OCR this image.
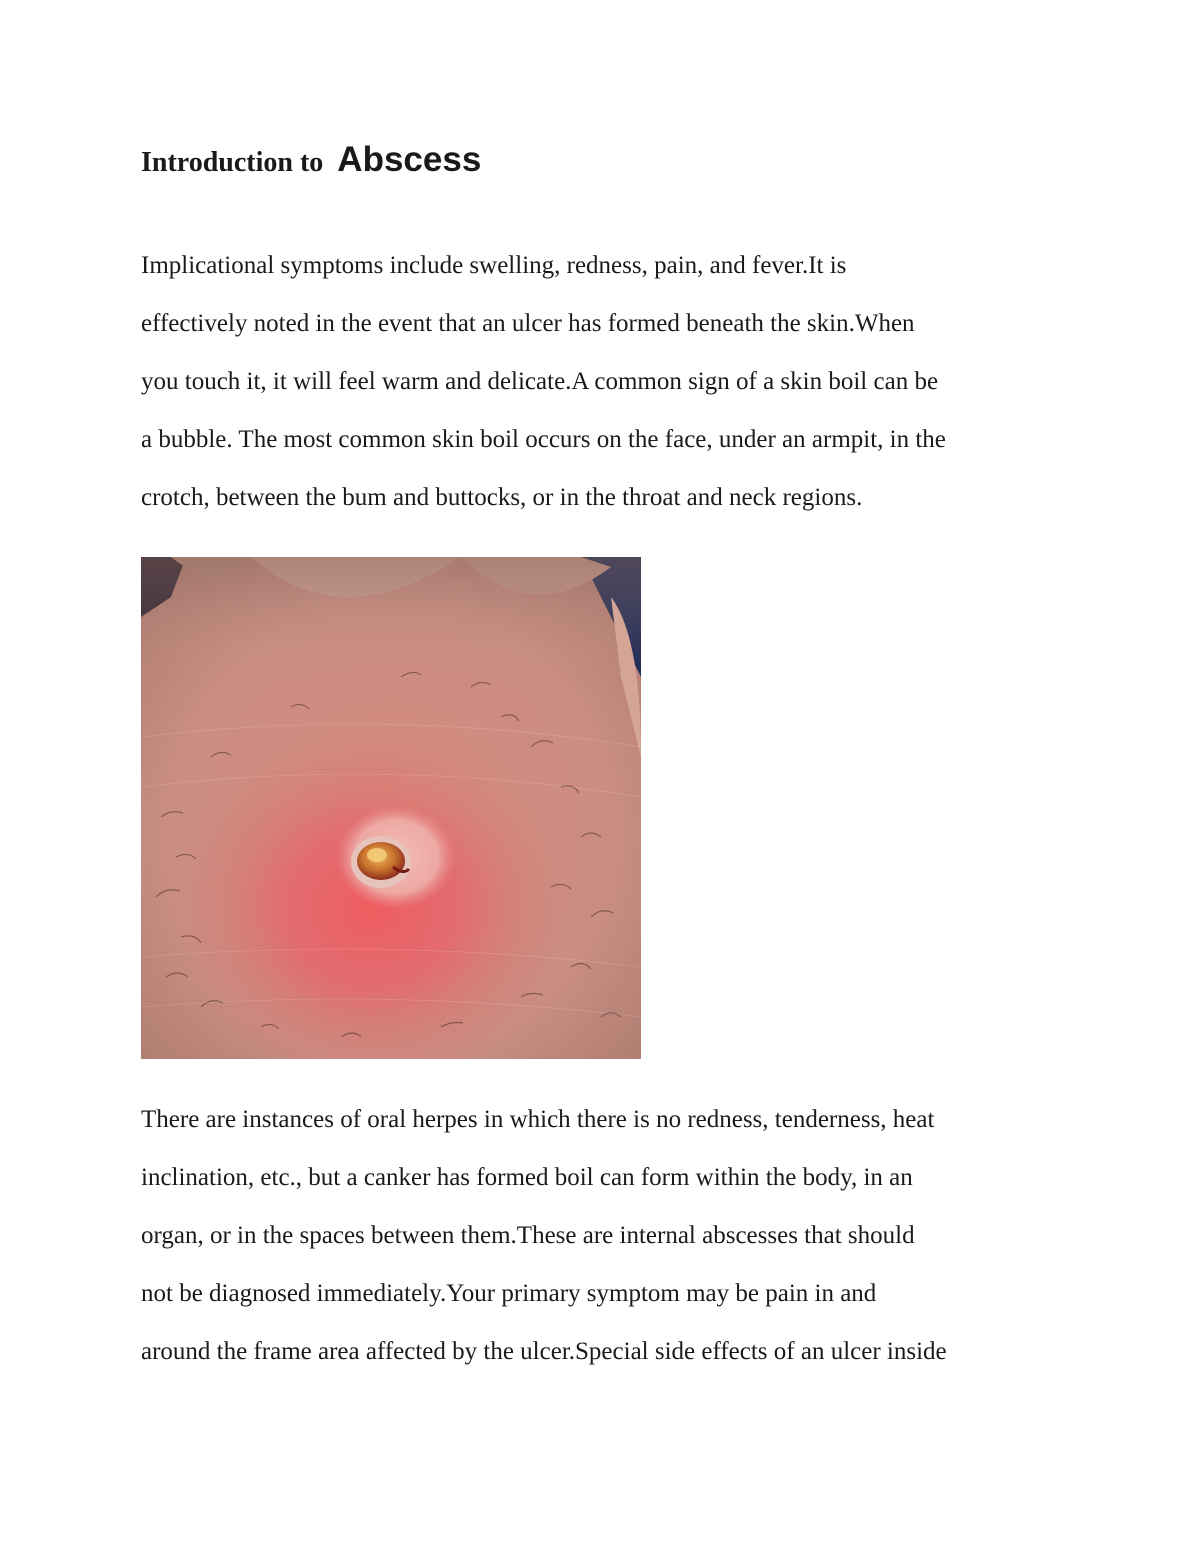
Introduction to Abscess

Implicational symptoms include swelling, redness, pain, and fever.It is
effectively noted in the event that an ulcer has formed beneath the skin.When
you touch it, it will feel warm and delicate.A common sign of a skin boil can be
a bubble. The most common skin boil occurs on the face, under an armpit, in the
crotch, between the bum and buttocks, or in the throat and neck regions.

There are instances of oral herpes in which there is no redness, tenderness, heat
inclination, etc., but a canker has formed boil can form within the body, in an
organ, or in the spaces between them.These are internal abscesses that should
not be diagnosed immediately.Your primary symptom may be pain in and
around the frame area affected by the ulcer.Special side effects of an ulcer inside
